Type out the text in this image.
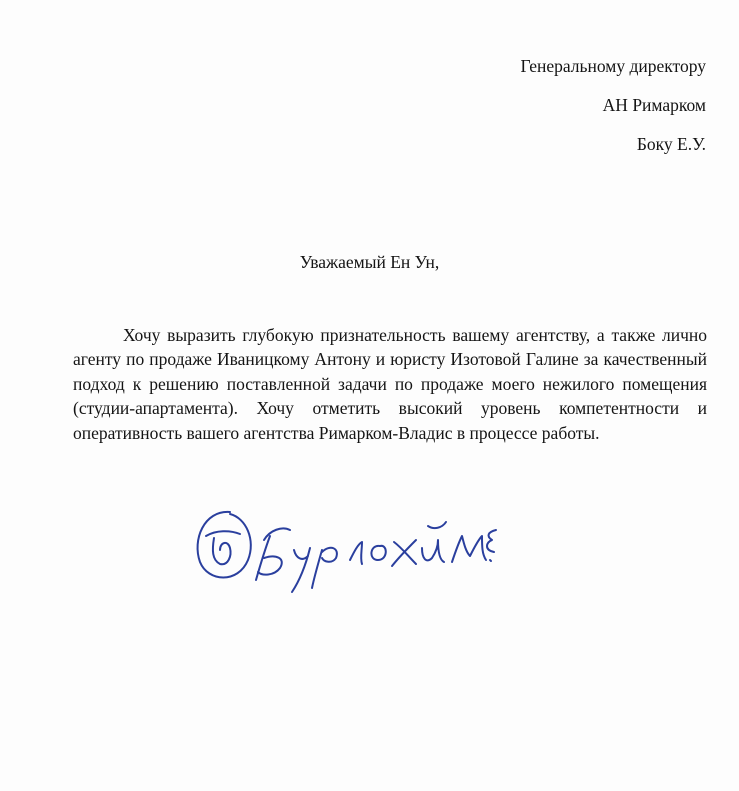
Генеральному директору
АН Римарком
Боку Е.У.
Уважаемый Ен Ун,

Хочу выразить глубокую признательность вашему агентству, а также лично агенту по продаже Иваницкому Антону и юристу Изотовой Галине за качественный подход к решению поставленной задачи по продаже моего нежилого помещения (студии-апартамента). Хочу отметить высокий уровень компетентности и оперативность вашего агентства Римарком-Владис в процессе работы.
